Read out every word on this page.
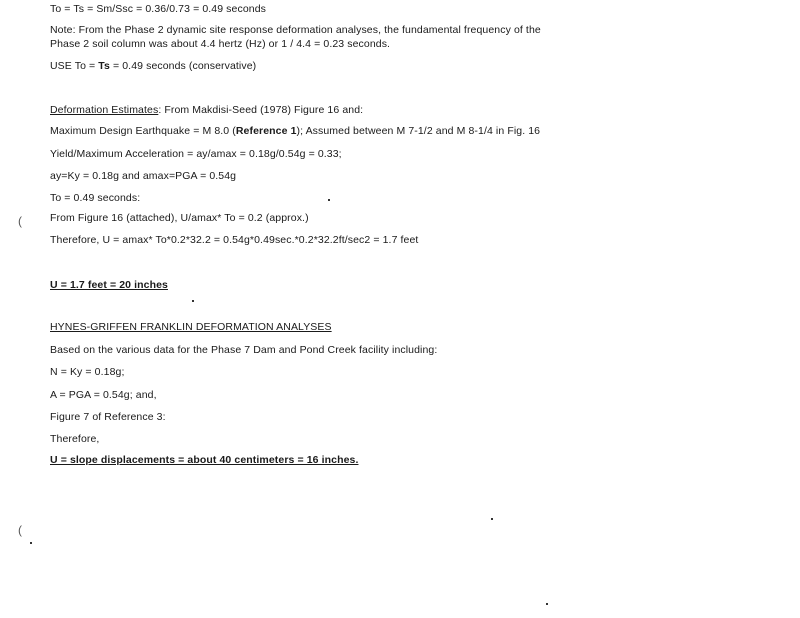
To = Ts = Sm/Ssc = 0.36/0.73 = 0.49 seconds
Note: From the Phase 2 dynamic site response deformation analyses, the fundamental frequency of the
Phase 2 soil column was about 4.4 hertz (Hz) or 1 / 4.4 = 0.23 seconds.
USE To = Ts = 0.49 seconds (conservative)
Deformation Estimates: From Makdisi-Seed (1978) Figure 16 and:
Maximum Design Earthquake = M 8.0 (Reference 1); Assumed between M 7-1/2 and M 8-1/4 in Fig. 16
Yield/Maximum Acceleration = ay/amax = 0.18g/0.54g = 0.33;
ay=Ky = 0.18g and amax=PGA = 0.54g
To = 0.49 seconds:
From Figure 16 (attached), U/amax* To = 0.2 (approx.)
Therefore, U = amax* To*0.2*32.2 = 0.54g*0.49sec.*0.2*32.2ft/sec2 = 1.7 feet
U = 1.7 feet = 20 inches
HYNES-GRIFFEN FRANKLIN DEFORMATION ANALYSES
Based on the various data for the Phase 7 Dam and Pond Creek facility including:
N = Ky = 0.18g;
A = PGA = 0.54g; and,
Figure 7 of Reference 3:
Therefore,
U = slope displacements = about 40 centimeters = 16 inches.
(
(
